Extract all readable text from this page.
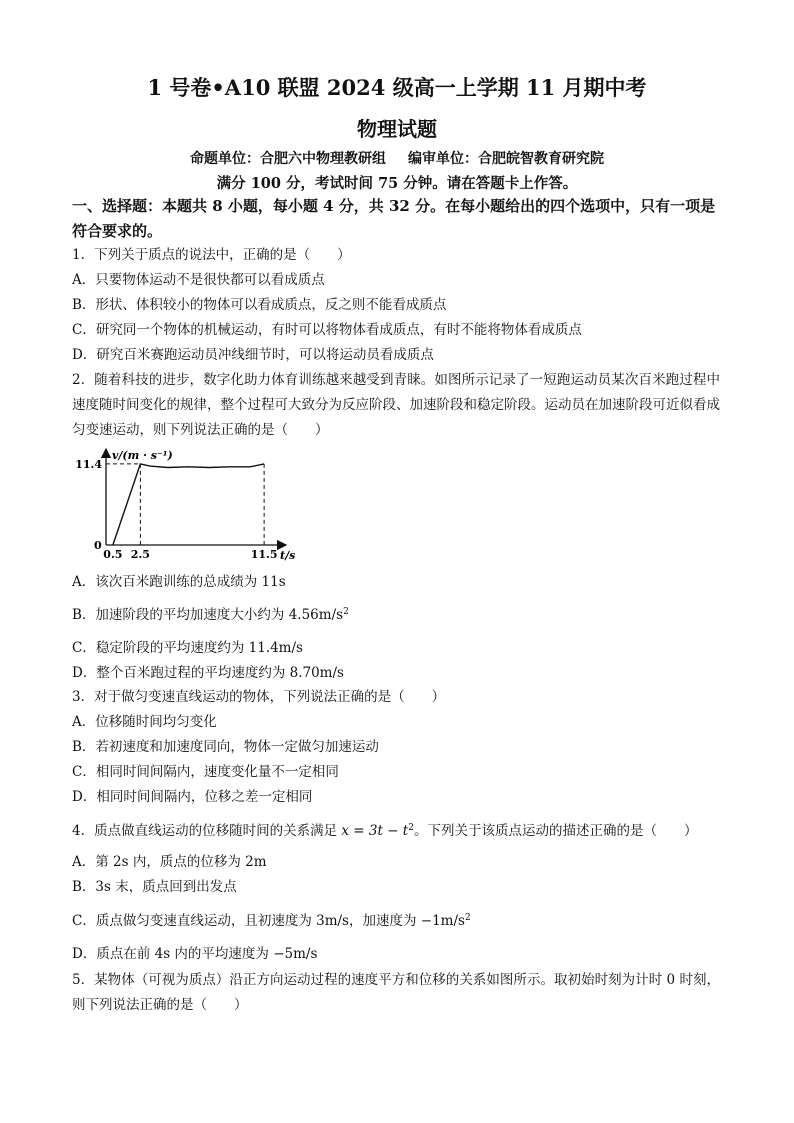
1 号卷•A10 联盟 2024 级高一上学期 11 月期中考
物理试题
命题单位：合肥六中物理教研组 编审单位：合肥皖智教育研究院
满分 100 分，考试时间 75 分钟。请在答题卡上作答。
一、选择题：本题共 8 小题，每小题 4 分，共 32 分。在每小题给出的四个选项中，只有一项是符合要求的。
1．下列关于质点的说法中，正确的是（　　）
A．只要物体运动不是很快都可以看成质点
B．形状、体积较小的物体可以看成质点，反之则不能看成质点
C．研究同一个物体的机械运动，有时可以将物体看成质点，有时不能将物体看成质点
D．研究百米赛跑运动员冲线细节时，可以将运动员看成质点
2．随着科技的进步，数字化助力体育训练越来越受到青睐。如图所示记录了一短跑运动员某次百米跑过程中速度随时间变化的规律，整个过程可大致分为反应阶段、加速阶段和稳定阶段。运动员在加速阶段可近似看成匀变速运动，则下列说法正确的是（　　）
v/(m · s⁻¹)
t/s
0
11.4
0.5 2.5	11.5
A．该次百米跑训练的总成绩为 11s
B．加速阶段的平均加速度大小约为 $4.56m/s^2$
C．稳定阶段的平均速度约为 11.4m/s
D．整个百米跑过程的平均速度约为 8.70m/s
3．对于做匀变速直线运动的物体，下列说法正确的是（　　）
A．位移随时间均匀变化
B．若初速度和加速度同向，物体一定做匀加速运动
C．相同时间间隔内，速度变化量不一定相同
D．相同时间间隔内，位移之差一定相同
4．质点做直线运动的位移随时间的关系满足 $x = 3t - t^2$。下列关于该质点运动的描述正确的是（　　）
A．第 2s 内，质点的位移为 2m
B．3s 末，质点回到出发点
C．质点做匀变速直线运动，且初速度为 3m/s，加速度为 $-1m/s^2$
D．质点在前 4s 内的平均速度为 −5m/s
5．某物体（可视为质点）沿正方向运动过程的速度平方和位移的关系如图所示。取初始时刻为计时 0 时刻，则下列说法正确的是（　　）
